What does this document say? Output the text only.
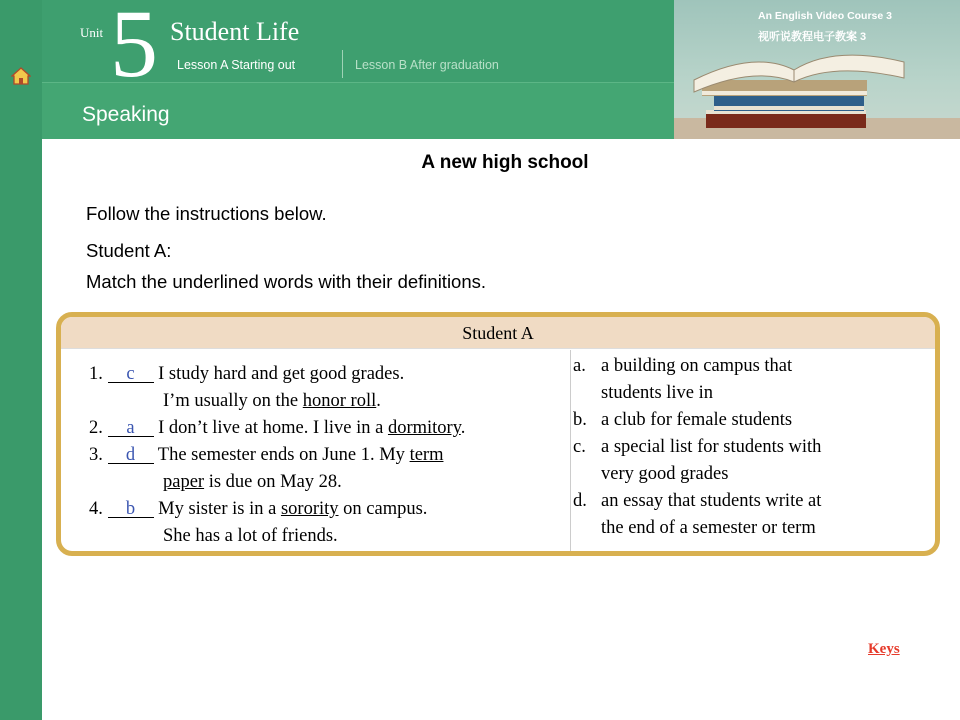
Unit 5 Student Life
Lesson A Starting out	Lesson B After graduation
Speaking
An English Video Course 3
视听说教程电子教案 3
A new high school
Follow the instructions below.
Student A:
Match the underlined words with their definitions.
Student A
1. c I study hard and get good grades.
I’m usually on the honor roll.
2. a I don’t live at home. I live in a dormitory.
3. d The semester ends on June 1. My term
paper is due on May 28.
4. b My sister is in a sorority on campus.
She has a lot of friends.
a. a building on campus that
students live in
b. a club for female students
c. a special list for students with
very good grades
d. an essay that students write at
the end of a semester or term
Keys
